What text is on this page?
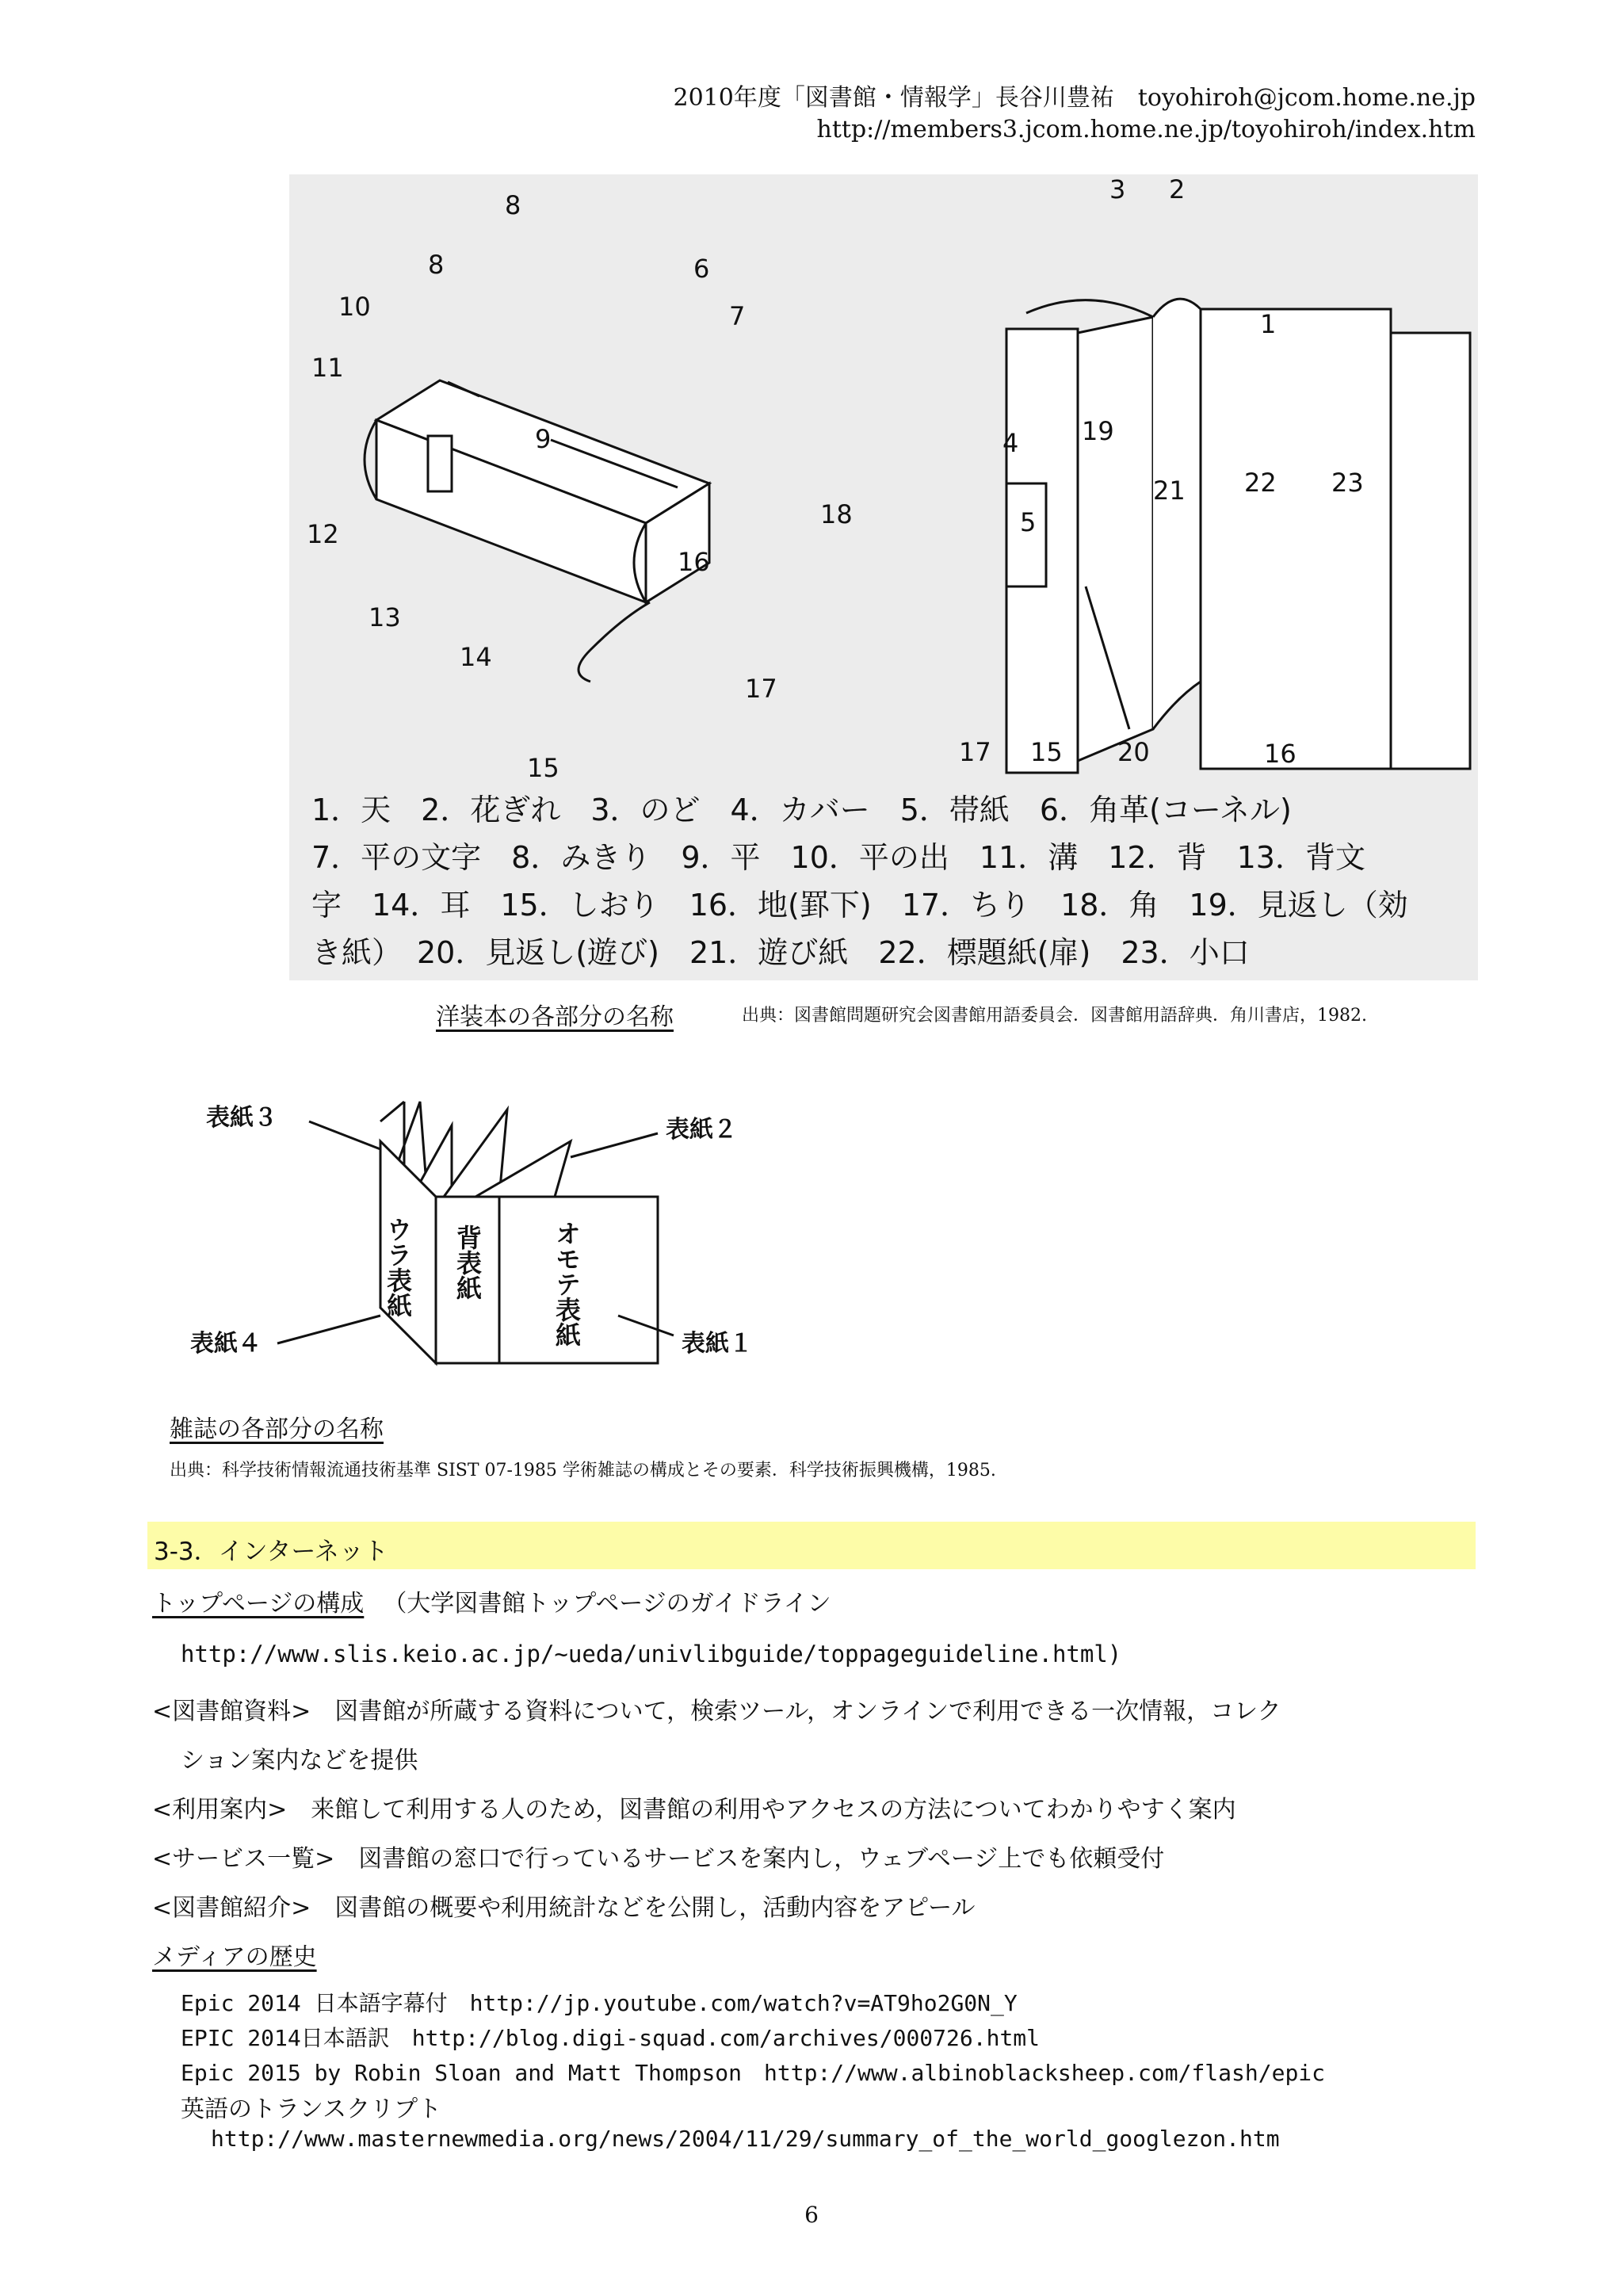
2010年度「図書館・情報学」長谷川豊祐　toyohiroh@jcom.home.ne.jp
http://members3.jcom.home.ne.jp/toyohiroh/index.htm
8
8	6
7
10
11
9
12
18
13
16
14
17
15
3 2
1
4 19
21 22 23
5
17 15 20	16
1．天　2．花ぎれ　3．のど　4．カバー　5．帯紙　6．角革(コーネル)
7．平の文字　8．みきり　9．平　10．平の出　11．溝　12．背　13．背文
字　14．耳　15．しおり　16．地(罫下)　17．ちり　18．角　19．見返し（効
き紙）　20．見返し(遊び)　21．遊び紙　22．標題紙(扉)　23．小口
洋装本の各部分の名称	出典：図書館問題研究会図書館用語委員会．図書館用語辞典．角川書店，1982.
表紙３	表紙２
表紙４	表紙１
ウラ表紙 背表紙	オモテ表紙
雑誌の各部分の名称
出典：科学技術情報流通技術基準 SIST 07-1985 学術雑誌の構成とその要素．科学技術振興機構，1985.
3-3．インターネット
トップページの構成 （大学図書館トップページのガイドライン
http://www.slis.keio.ac.jp/~ueda/univlibguide/toppageguideline.html)
<図書館資料> 図書館が所蔵する資料について，検索ツール，オンラインで利用できる一次情報，コレク
ション案内などを提供
<利用案内> 来館して利用する人のため，図書館の利用やアクセスの方法についてわかりやすく案内
<サービス一覧> 図書館の窓口で行っているサービスを案内し，ウェブページ上でも依頼受付
<図書館紹介> 図書館の概要や利用統計などを公開し，活動内容をアピール
メディアの歴史
Epic 2014 日本語字幕付　http://jp.youtube.com/watch?v=AT9ho2G0N_Y
EPIC 2014日本語訳　http://blog.digi-squad.com/archives/000726.html
Epic 2015 by Robin Sloan and Matt Thompson　http://www.albinoblacksheep.com/flash/epic
英語のトランスクリプト
http://www.masternewmedia.org/news/2004/11/29/summary_of_the_world_googlezon.htm
6
